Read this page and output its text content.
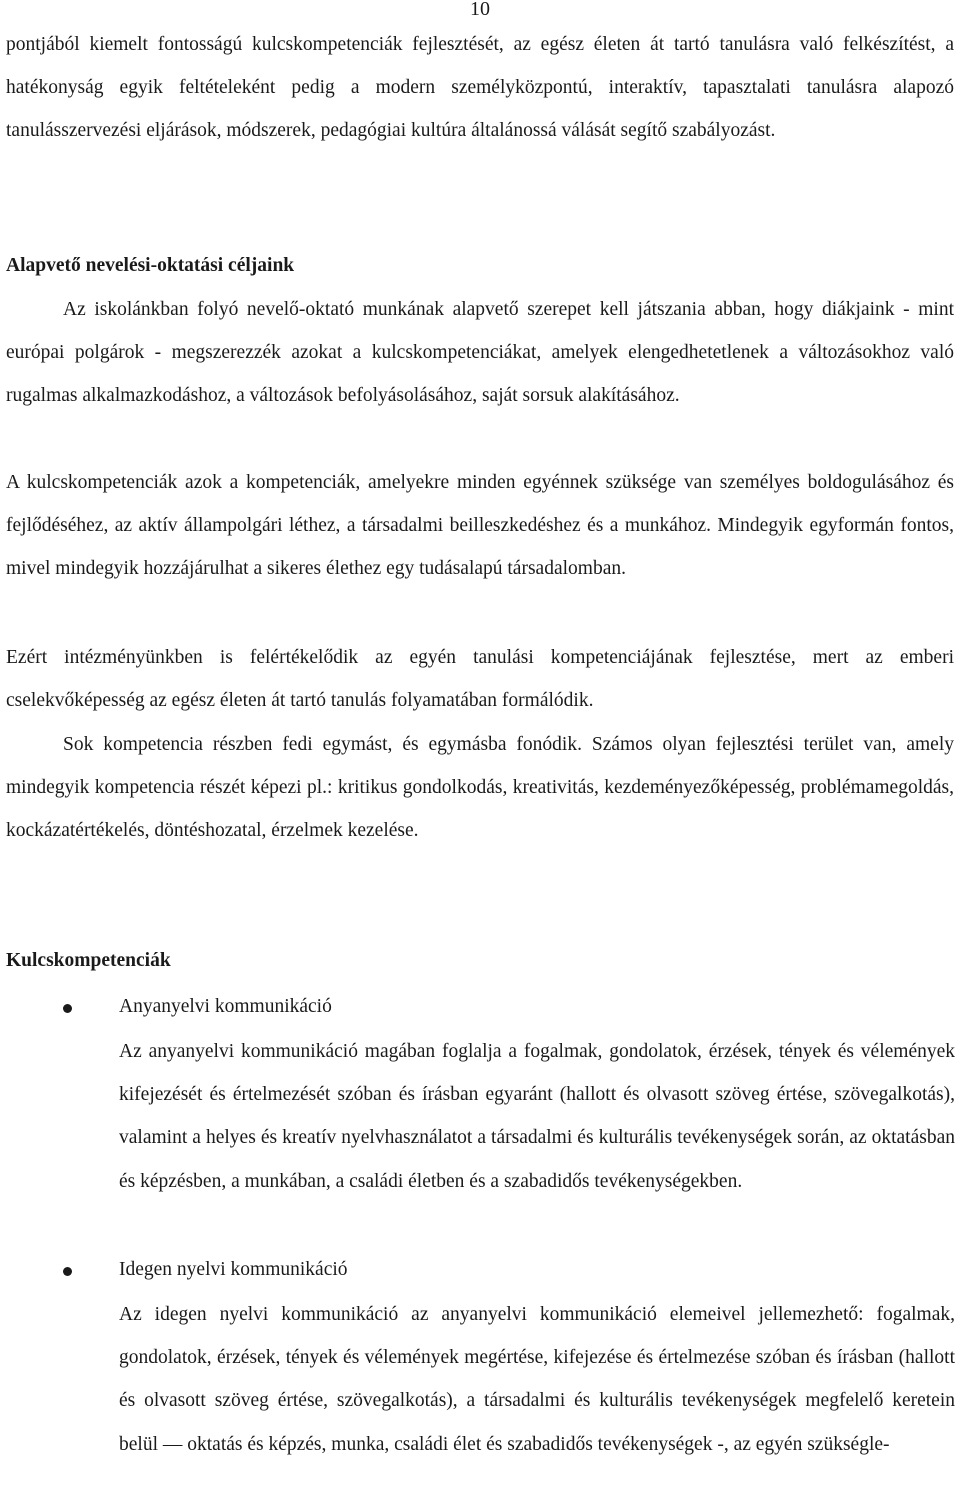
10
pontjából kiemelt fontosságú kulcskompetenciák fejlesztését, az egész életen át tartó tanulásra való felkészítést, a hatékonyság egyik feltételeként pedig a modern személyközpontú, interaktív, tapasztalati tanulásra alapozó tanulásszervezési eljárások, módszerek, pedagógiai kultúra általánossá válását segítő szabályozást.
Alapvető nevelési-oktatási céljaink
Az iskolánkban folyó nevelő-oktató munkának alapvető szerepet kell játszania abban, hogy diákjaink - mint európai polgárok - megszerezzék azokat a kulcskompetenciákat, amelyek elengedhetetlenek a változásokhoz való rugalmas alkalmazkodáshoz, a változások befolyásolásához, saját sorsuk alakításához.
A kulcskompetenciák azok a kompetenciák, amelyekre minden egyénnek szüksége van személyes boldogulásához és fejlődéséhez, az aktív állampolgári léthez, a társadalmi beilleszkedéshez és a munkához. Mindegyik egyformán fontos, mivel mindegyik hozzájárulhat a sikeres élethez egy tudásalapú társadalomban.
Ezért intézményünkben is felértékelődik az egyén tanulási kompetenciájának fejlesztése, mert az emberi cselekvőképesség az egész életen át tartó tanulás folyamatában formálódik.
Sok kompetencia részben fedi egymást, és egymásba fonódik. Számos olyan fejlesztési terület van, amely mindegyik kompetencia részét képezi pl.: kritikus gondolkodás, kreativitás, kezdeményezőképesség, problémamegoldás, kockázatértékelés, döntéshozatal, érzelmek kezelése.
Kulcskompetenciák
Anyanyelvi kommunikáció
Az anyanyelvi kommunikáció magában foglalja a fogalmak, gondolatok, érzések, tények és vélemények kifejezését és értelmezését szóban és írásban egyaránt (hallott és olvasott szöveg értése, szövegalkotás), valamint a helyes és kreatív nyelvhasználatot a társadalmi és kulturális tevékenységek során, az oktatásban és képzésben, a munkában, a családi életben és a szabadidős tevékenységekben.
Idegen nyelvi kommunikáció
Az idegen nyelvi kommunikáció az anyanyelvi kommunikáció elemeivel jellemezhető: fogalmak, gondolatok, érzések, tények és vélemények megértése, kifejezése és értelmezése szóban és írásban (hallott és olvasott szöveg értése, szövegalkotás), a társadalmi és kulturális tevékenységek megfelelő keretein belül — oktatás és képzés, munka, családi élet és szabadidős tevékenységek -, az egyén szükségle-
